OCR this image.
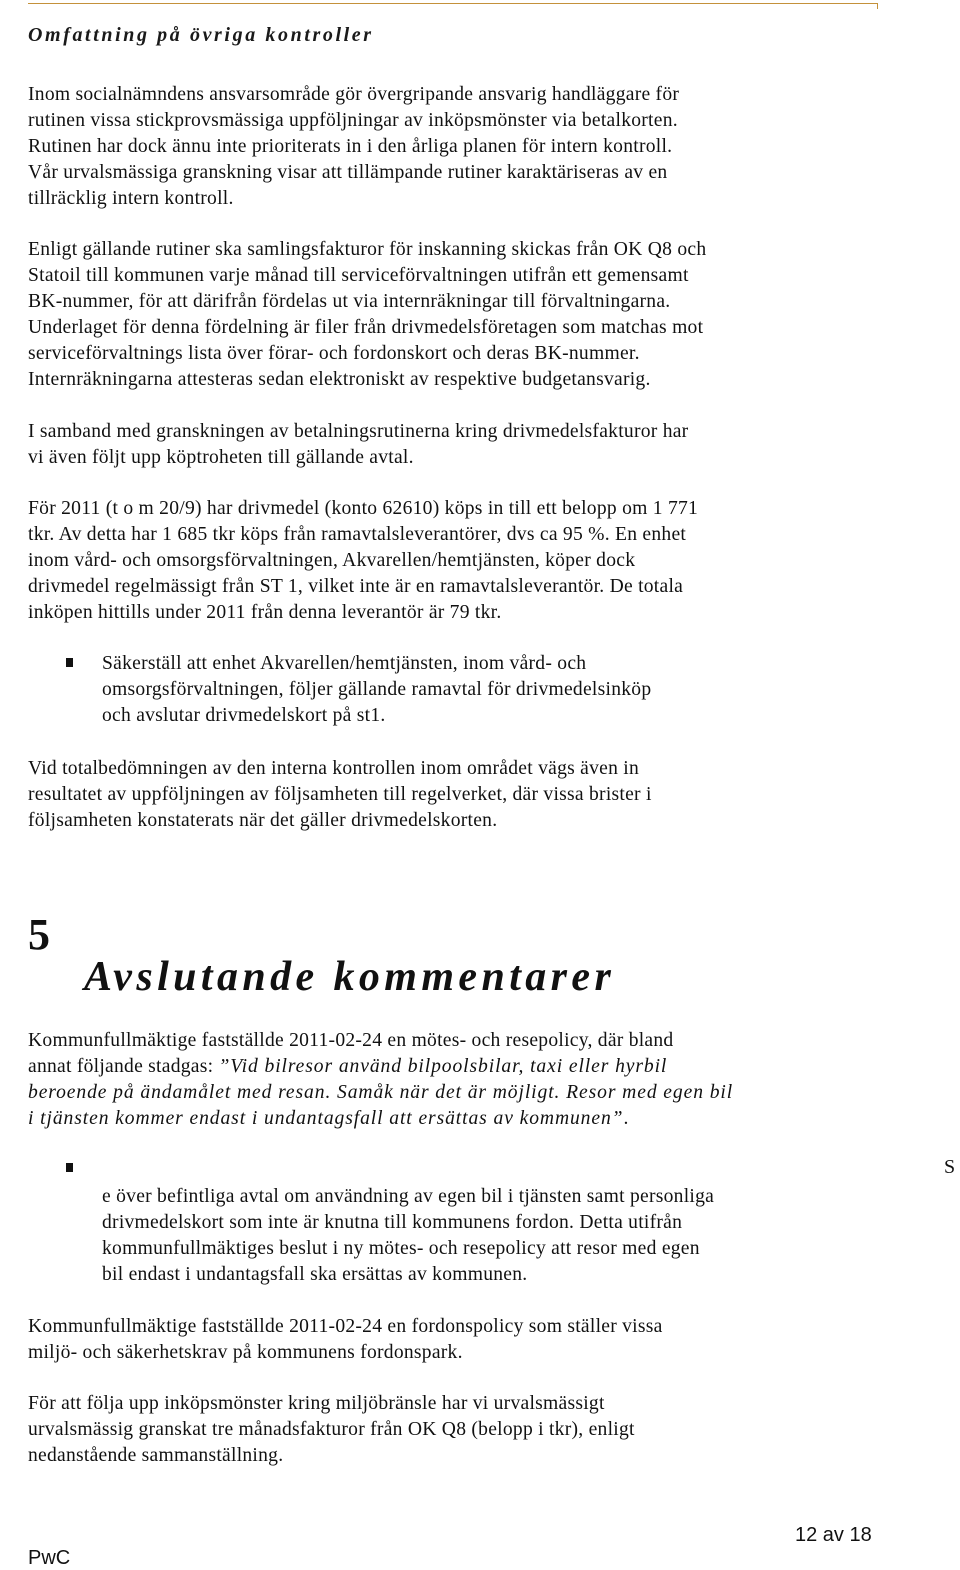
Omfattning på övriga kontroller

Inom socialnämndens ansvarsområde gör övergripande ansvarig handläggare för
rutinen vissa stickprovsmässiga uppföljningar av inköpsmönster via betalkorten.
Rutinen har dock ännu inte prioriterats in i den årliga planen för intern kontroll.
Vår urvalsmässiga granskning visar att tillämpande rutiner karaktäriseras av en
tillräcklig intern kontroll.

Enligt gällande rutiner ska samlingsfakturor för inskanning skickas från OK Q8 och
Statoil till kommunen varje månad till serviceförvaltningen utifrån ett gemensamt
BK-nummer, för att därifrån fördelas ut via internräkningar till förvaltningarna.
Underlaget för denna fördelning är filer från drivmedelsföretagen som matchas mot
serviceförvaltnings lista över förar- och fordonskort och deras BK-nummer.
Internräkningarna attesteras sedan elektroniskt av respektive budgetansvarig.

I samband med granskningen av betalningsrutinerna kring drivmedelsfakturor har
vi även följt upp köptroheten till gällande avtal.

För 2011 (t o m 20/9) har drivmedel (konto 62610) köps in till ett belopp om 1 771
tkr. Av detta har 1 685 tkr köps från ramavtalsleverantörer, dvs ca 95 %. En enhet
inom vård- och omsorgsförvaltningen, Akvarellen/hemtjänsten, köper dock
drivmedel regelmässigt från ST 1, vilket inte är en ramavtalsleverantör. De totala
inköpen hittills under 2011 från denna leverantör är 79 tkr.

Säkerställ att enhet Akvarellen/hemtjänsten, inom vård- och
omsorgsförvaltningen, följer gällande ramavtal för drivmedelsinköp
och avslutar drivmedelskort på st1.

Vid totalbedömningen av den interna kontrollen inom området vägs även in
resultatet av uppföljningen av följsamheten till regelverket, där vissa brister i
följsamheten konstaterats när det gäller drivmedelskorten.

5
Avslutande kommentarer

Kommunfullmäktige fastställde 2011-02-24 en mötes- och resepolicy, där bland
annat följande stadgas: ”Vid bilresor använd bilpoolsbilar, taxi eller hyrbil
beroende på ändamålet med resan. Samåk när det är möjligt. Resor med egen bil
i tjänsten kommer endast i undantagsfall att ersättas av kommunen”.

S

e över befintliga avtal om användning av egen bil i tjänsten samt personliga
drivmedelskort som inte är knutna till kommunens fordon. Detta utifrån
kommunfullmäktiges beslut i ny mötes- och resepolicy att resor med egen
bil endast i undantagsfall ska ersättas av kommunen.

Kommunfullmäktige fastställde 2011-02-24 en fordonspolicy som ställer vissa
miljö- och säkerhetskrav på kommunens fordonspark.

För att följa upp inköpsmönster kring miljöbränsle har vi urvalsmässigt
urvalsmässig granskat tre månadsfakturor från OK Q8 (belopp i tkr), enligt
nedanstående sammanställning.

12 av 18
PwC
